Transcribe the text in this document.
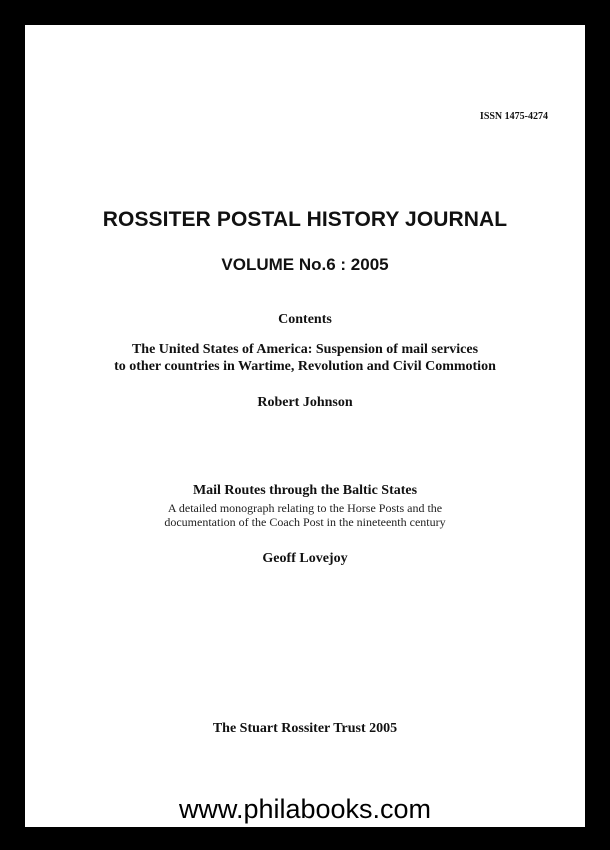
ISSN 1475-4274
ROSSITER POSTAL HISTORY JOURNAL
VOLUME No.6 : 2005
Contents
The United States of America: Suspension of mail services
to other countries in Wartime, Revolution and Civil Commotion
Robert Johnson
Mail Routes through the Baltic States
A detailed monograph relating to the Horse Posts and the
documentation of the Coach Post in the nineteenth century
Geoff Lovejoy
The Stuart Rossiter Trust 2005
www.philabooks.com
